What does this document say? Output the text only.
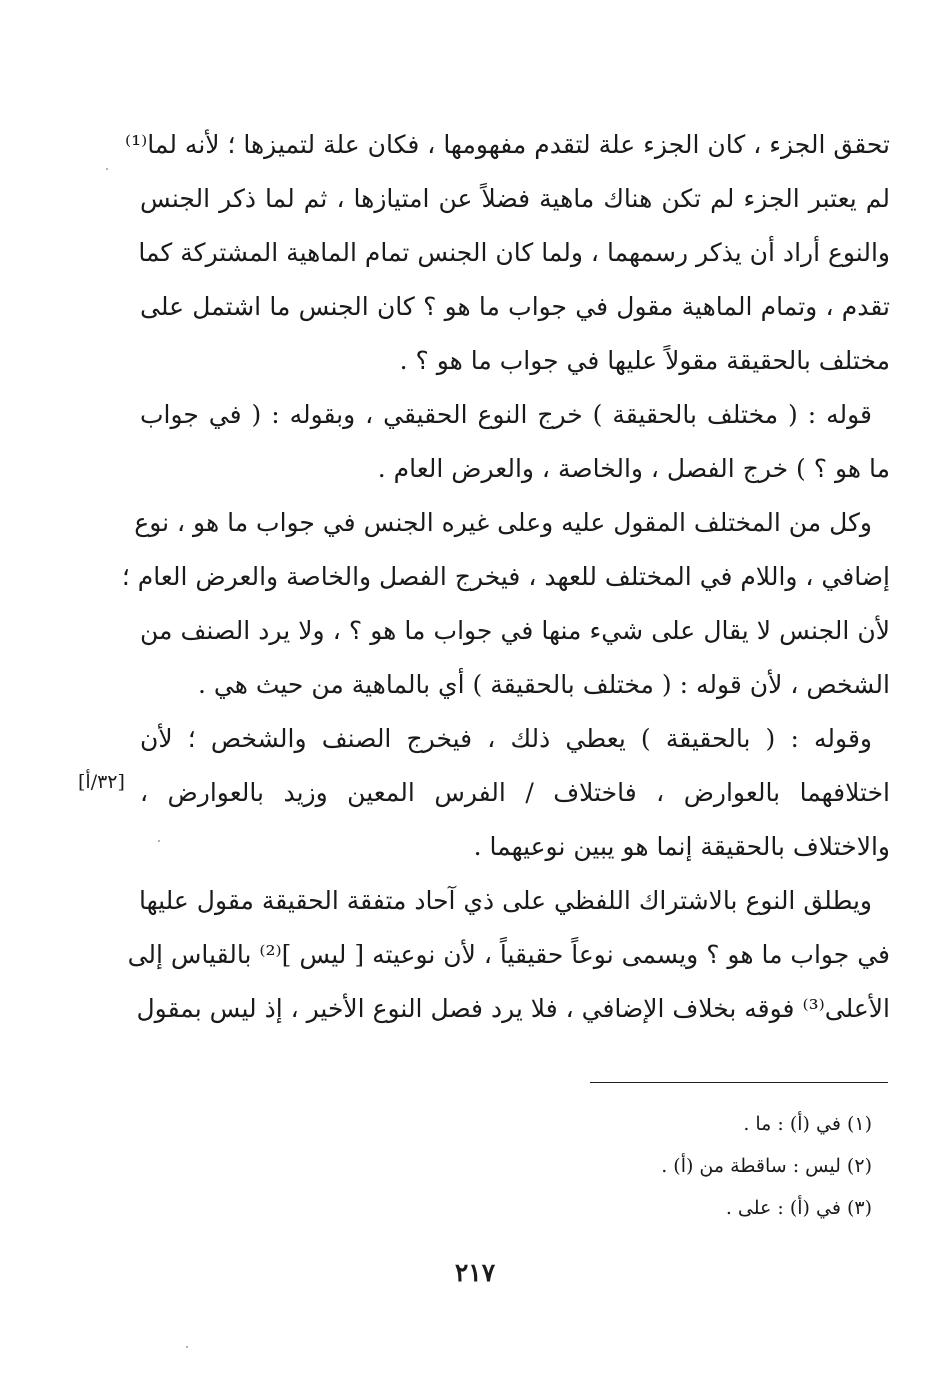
تحقق الجزء ، كان الجزء علة لتقدم مفهومها ، فكان علة لتميزها ؛ لأنه لما⁽¹⁾
لم يعتبر الجزء لم تكن هناك ماهية فضلاً عن امتيازها ، ثم لما ذكر الجنس
والنوع أراد أن يذكر رسمهما ، ولما كان الجنس تمام الماهية المشتركة كما
تقدم ، وتمام الماهية مقول في جواب ما هو ؟ كان الجنس ما اشتمل على
مختلف بالحقيقة مقولاً عليها في جواب ما هو ؟ .
قوله : ( مختلف بالحقيقة ) خرج النوع الحقيقي ، وبقوله : ( في جواب
ما هو ؟ ) خرج الفصل ، والخاصة ، والعرض العام .
وكل من المختلف المقول عليه وعلى غيره الجنس في جواب ما هو ، نوع
إضافي ، واللام في المختلف للعهد ، فيخرج الفصل والخاصة والعرض العام ؛
لأن الجنس لا يقال على شيء منها في جواب ما هو ؟ ، ولا يرد الصنف من
الشخص ، لأن قوله : ( مختلف بالحقيقة ) أي بالماهية من حيث هي .
وقوله : ( بالحقيقة ) يعطي ذلك ، فيخرج الصنف والشخص ؛ لأن
اختلافهما بالعوارض ، فاختلاف / الفرس المعين وزيد بالعوارض ،
والاختلاف بالحقيقة إنما هو يبين نوعيهما .
ويطلق النوع بالاشتراك اللفظي على ذي آحاد متفقة الحقيقة مقول عليها
في جواب ما هو ؟ ويسمى نوعاً حقيقياً ، لأن نوعيته [ ليس ]⁽²⁾ بالقياس إلى
الأعلى⁽³⁾ فوقه بخلاف الإضافي ، فلا يرد فصل النوع الأخير ، إذ ليس بمقول
[٣٢/أ]
(١) في (أ) : ما .
(٢) ليس : ساقطة من (أ) .
(٣) في (أ) : على .
٢١٧
